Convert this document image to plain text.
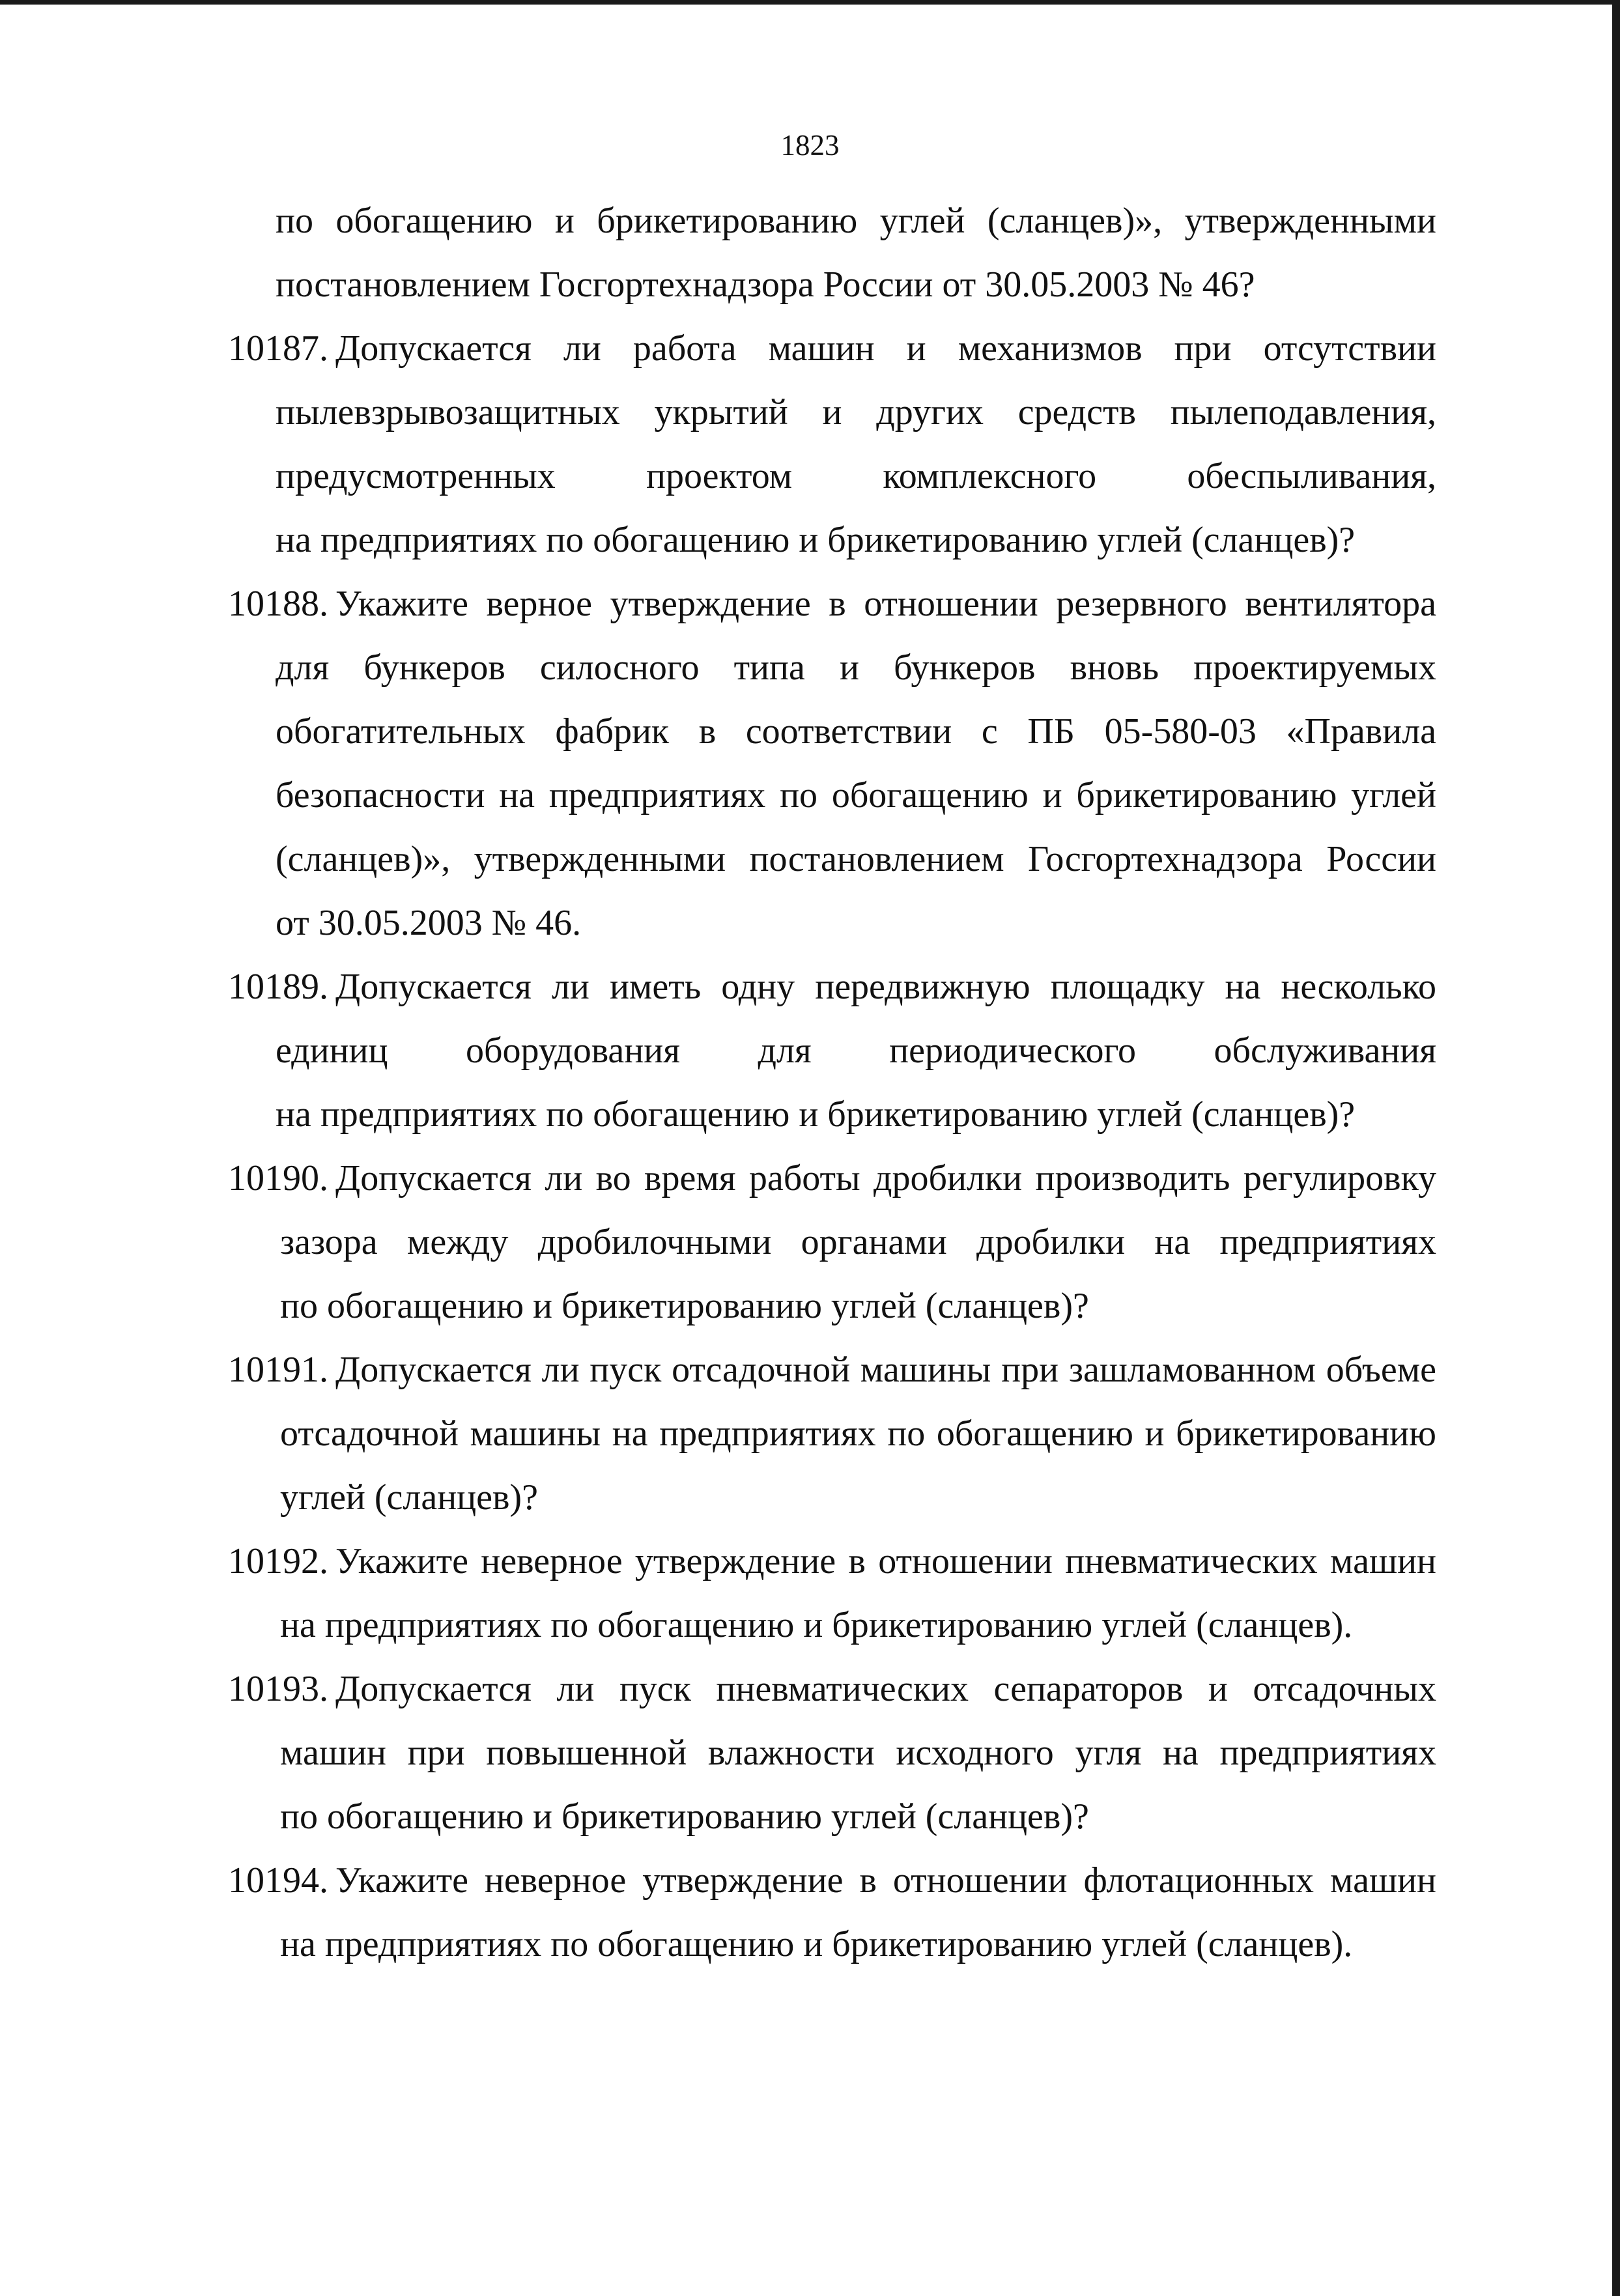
1823
по обогащению и брикетированию углей (сланцев)», утвержденными
постановлением Госгортехнадзора России от 30.05.2003 № 46?
10187. Допускается ли работа машин и механизмов при отсутствии
пылевзрывозащитных укрытий и других средств пылеподавления,
предусмотренных проектом комплексного обеспыливания,
на предприятиях по обогащению и брикетированию углей (сланцев)?
10188. Укажите верное утверждение в отношении резервного вентилятора
для бункеров силосного типа и бункеров вновь проектируемых
обогатительных фабрик в соответствии с ПБ 05-580-03 «Правила
безопасности на предприятиях по обогащению и брикетированию углей
(сланцев)», утвержденными постановлением Госгортехнадзора России
от 30.05.2003 № 46.
10189. Допускается ли иметь одну передвижную площадку на несколько
единиц оборудования для периодического обслуживания
на предприятиях по обогащению и брикетированию углей (сланцев)?
10190. Допускается ли во время работы дробилки производить регулировку
зазора между дробилочными органами дробилки на предприятиях
по обогащению и брикетированию углей (сланцев)?
10191. Допускается ли пуск отсадочной машины при зашламованном объеме
отсадочной машины на предприятиях по обогащению и брикетированию
углей (сланцев)?
10192. Укажите неверное утверждение в отношении пневматических машин
на предприятиях по обогащению и брикетированию углей (сланцев).
10193. Допускается ли пуск пневматических сепараторов и отсадочных
машин при повышенной влажности исходного угля на предприятиях
по обогащению и брикетированию углей (сланцев)?
10194. Укажите неверное утверждение в отношении флотационных машин
на предприятиях по обогащению и брикетированию углей (сланцев).
